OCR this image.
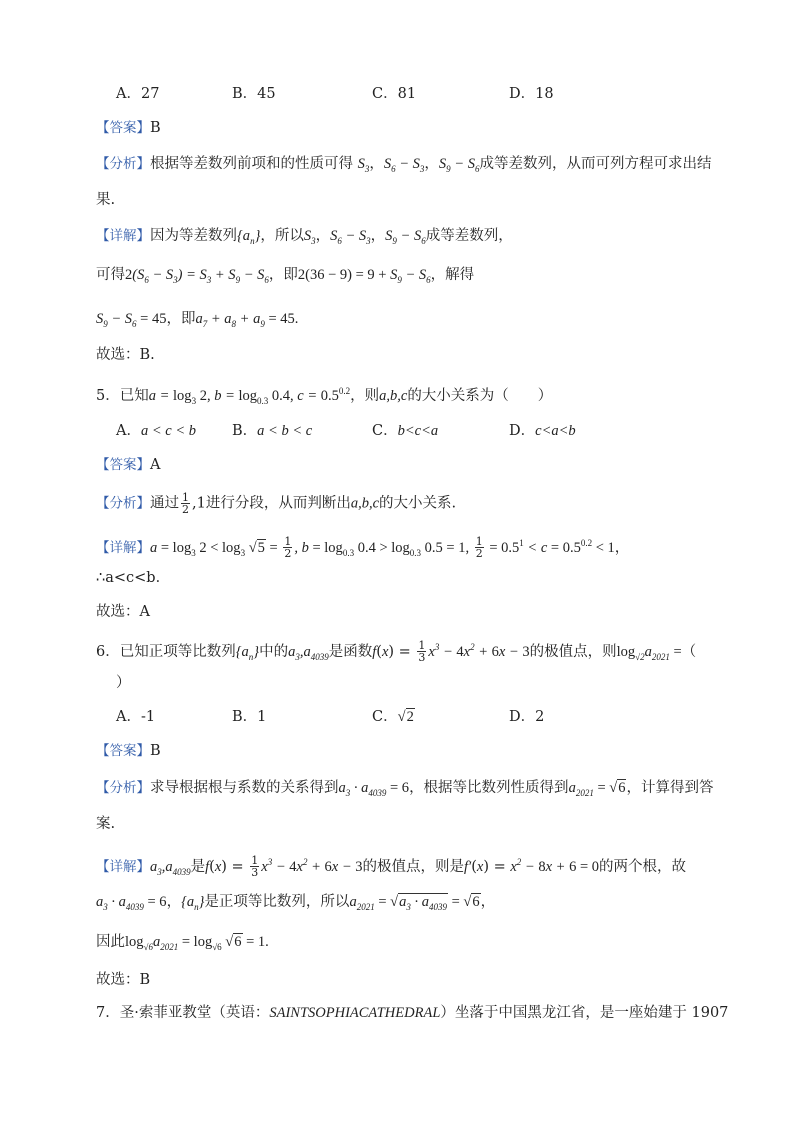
A．27	B．45	C．81	D．18
【答案】B
【分析】根据等差数列前项和的性质可得 $S_3$，$S_6 - S_3$，$S_9 - S_6$成等差数列，从而可列方程可求出结
果.
【详解】因为等差数列$\{a_n\}$，所以$S_3$，$S_6 - S_3$，$S_9 - S_6$成等差数列，
可得$2(S_6 - S_3) = S_3 + S_9 - S_6$，即$2(36 - 9) = 9 + S_9 - S_6$，解得
$S_9 - S_6 = 45$，即$a_7 + a_8 + a_9 = 45$.
故选：B.
5．已知$a = \log_3 2$, $b = \log_{0.3} 0.4$, $c = 0.5^{0.2}$，则a,b,c的大小关系为（　　）
A．a < c < b B．a < b < c	C．b<c<a	D．c<a<b
【答案】A
【分析】通过 $\frac{1}{2} ,1$进行分段，从而判断出a,b,c的大小关系.
【详解】$a = \log_3 2 < \log_3 √5 = \frac{1}{2}$ , $b = \log_{0.3} 0.4 > \log_{0.3} 0.5 = 1$, $\frac{1}{2} = 0.5^1 < c = 0.5^{0.2} < 1$，
∴a<c<b．
故选：A
6．已知正项等比数列$\{a_n\}$中的$a_3,a_{4039}$是函数$f(x) = \frac{1}{3} x^3 - 4x^2 + 6x - 3$的极值点，则$\log_{√2}a_{2021}$ =（
）
A．-1	B．1	C．√2	D．2
【答案】B
【分析】求导根据根与系数的关系得到$a_3 \cdot a_{4039} = 6$，根据等比数列性质得到$a_{2021} = √6$，计算得到答
案.
【详解】$a_3,a_{4039}$是$f(x) = \frac{1}{3} x^3 - 4x^2 + 6x - 3$的极值点，则是$f'(x) = x^2 - 8x + 6 = 0$的两个根，故
$a_3 \cdot a_{4039} = 6$，$\{a_n\}$是正项等比数列，所以$a_{2021} = √a_3 \cdot a_{4039} = √6$，
因此$\log_{√6}a_{2021} = \log_{√6} √6 = 1$.
故选：B
7．圣·索菲亚教堂（英语：SAINTSOPHIACATHEDRAL）坐落于中国黑龙江省，是一座始建于 1907
